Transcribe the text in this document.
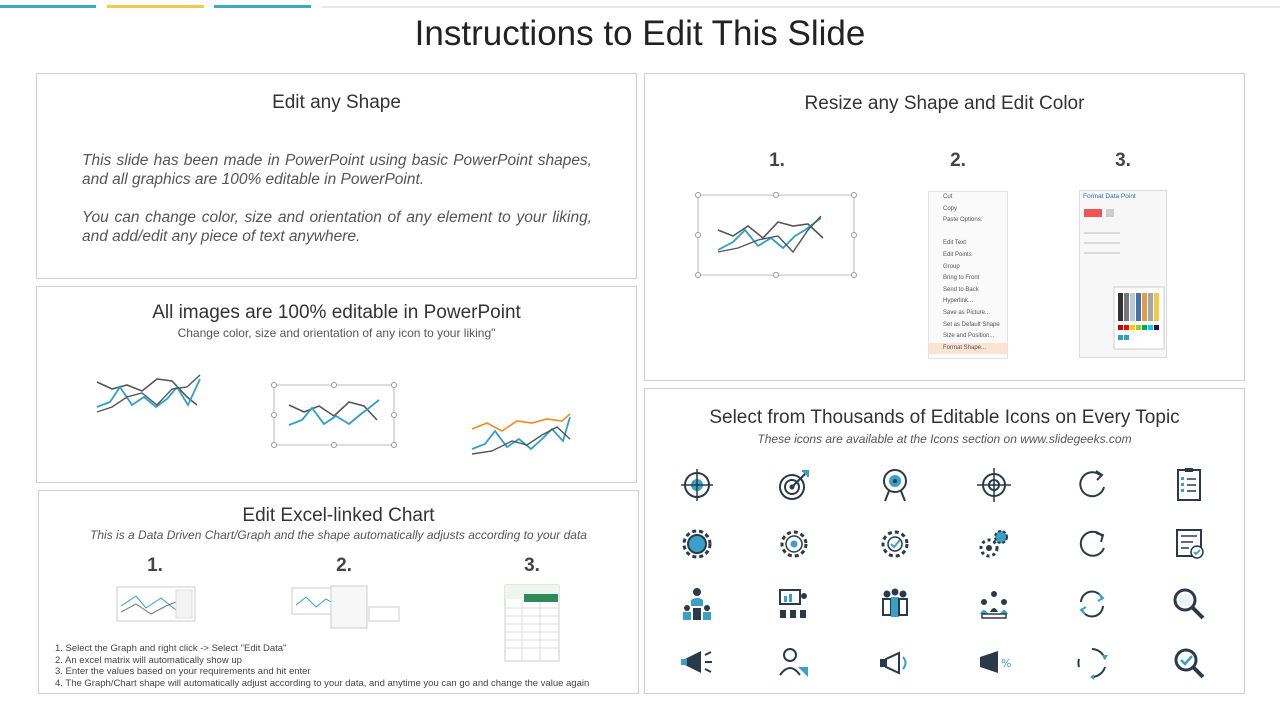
Instructions to Edit This Slide
Edit any Shape
This slide has been made in PowerPoint using basic PowerPoint shapes, and all graphics are 100% editable in PowerPoint.
You can change color, size and orientation of any element to your liking, and add/edit any piece of text anywhere.
All images are 100% editable in PowerPoint
Change color, size and orientation of any icon to your liking"
Edit Excel-linked Chart
This is a Data Driven Chart/Graph and the shape automatically adjusts according to your data
1.	2.	3.
1. Select the Graph and right click -> Select "Edit Data"
2. An excel matrix will automatically show up
3. Enter the values based on your requirements and hit enter
4. The Graph/Chart shape will automatically adjust according to your data, and anytime you can go and change the value again
Resize any Shape and Edit Color
1.	2.	3.
Cut
Copy
Paste Options:
Edit Text
Edit Points
Group
Bring to Front
Send to Back
Hyperlink...
Save as Picture...
Set as Default Shape
Size and Position...
Format Shape...
Format Data Point
Select from Thousands of Editable Icons on Every Topic
These icons are available at the Icons section on www.slidegeeks.com
%
